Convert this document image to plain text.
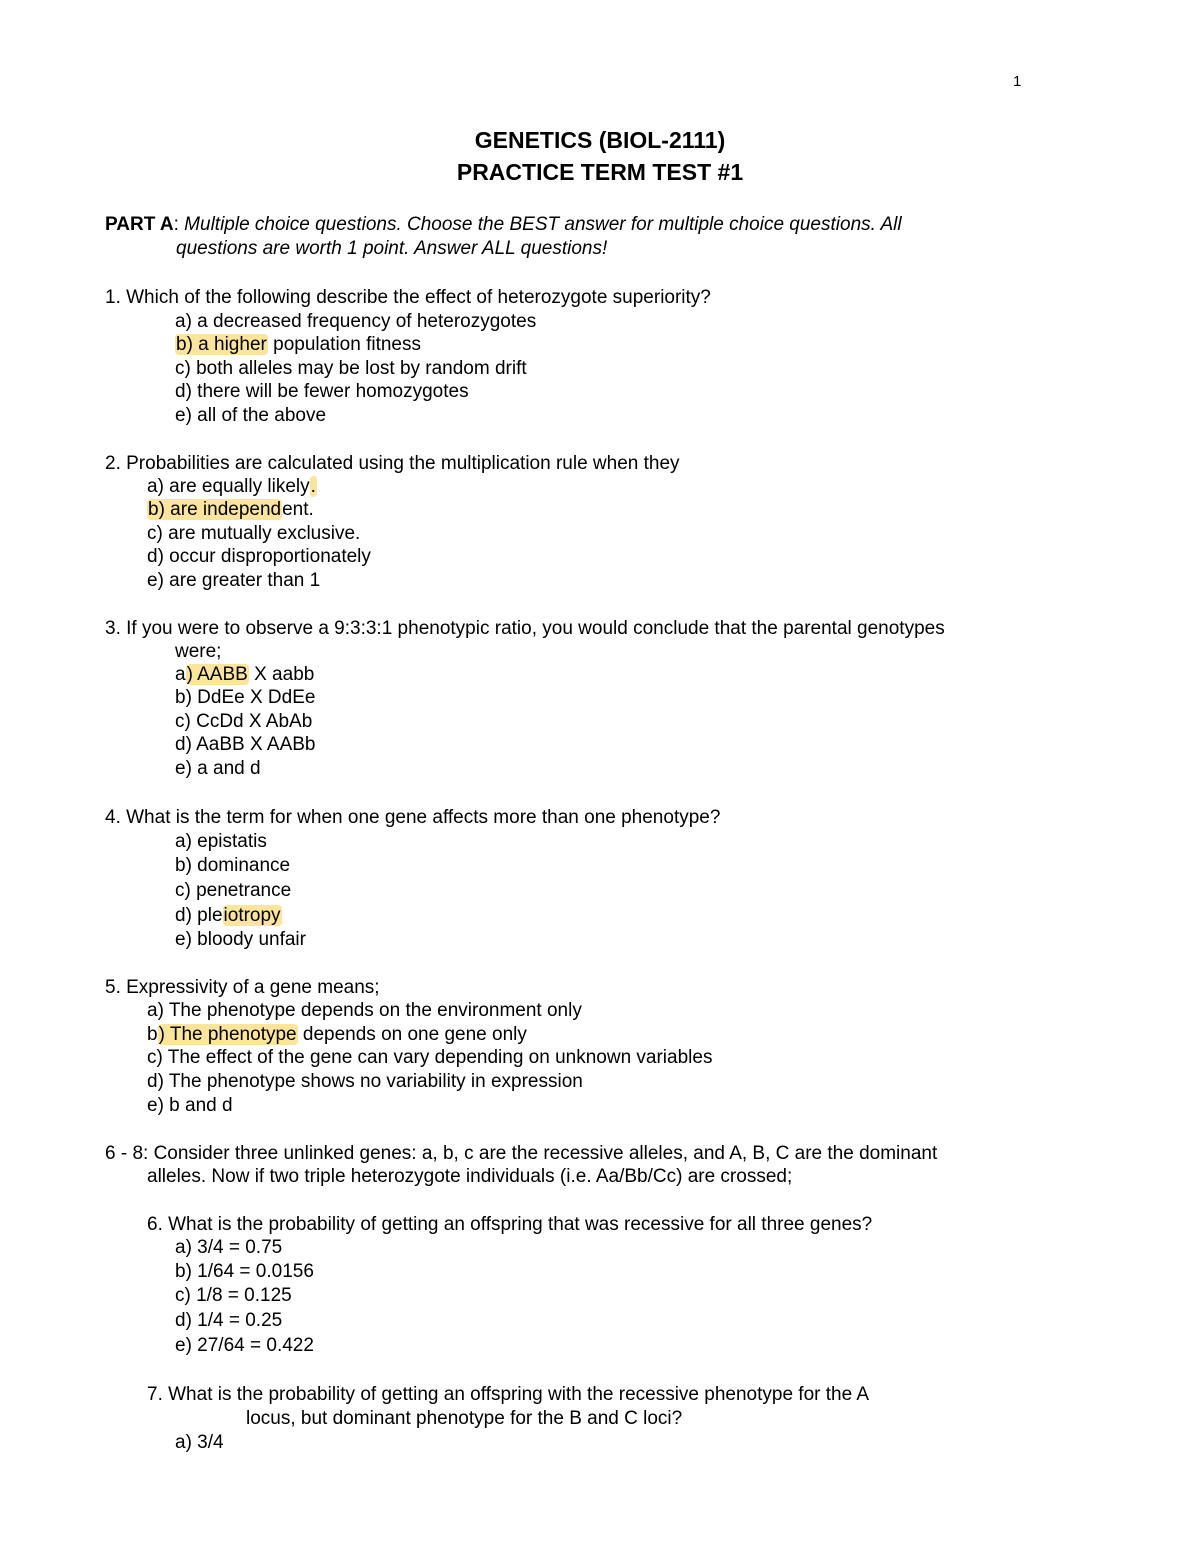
1
GENETICS (BIOL-2111)
PRACTICE TERM TEST #1
PART A: Multiple choice questions. Choose the BEST answer for multiple choice questions. All
questions are worth 1 point. Answer ALL questions!
1. Which of the following describe the effect of heterozygote superiority?
a) a decreased frequency of heterozygotes
b) a higher population fitness
c) both alleles may be lost by random drift
d) there will be fewer homozygotes
e) all of the above
2. Probabilities are calculated using the multiplication rule when they
a) are equally likely.
b) are independent.
c) are mutually exclusive.
d) occur disproportionately
e) are greater than 1
3. If you were to observe a 9:3:3:1 phenotypic ratio, you would conclude that the parental genotypes
were;
a) AABB X aabb
b) DdEe X DdEe
c) CcDd X AbAb
d) AaBB X AABb
e) a and d
4. What is the term for when one gene affects more than one phenotype?
a) epistatis
b) dominance
c) penetrance
d) pleiotropy
e) bloody unfair
5. Expressivity of a gene means;
a) The phenotype depends on the environment only
b) The phenotype depends on one gene only
c) The effect of the gene can vary depending on unknown variables
d) The phenotype shows no variability in expression
e) b and d
6 - 8: Consider three unlinked genes: a, b, c are the recessive alleles, and A, B, C are the dominant
alleles. Now if two triple heterozygote individuals (i.e. Aa/Bb/Cc) are crossed;
6. What is the probability of getting an offspring that was recessive for all three genes?
a) 3/4 = 0.75
b) 1/64 = 0.0156
c) 1/8 = 0.125
d) 1/4 = 0.25
e) 27/64 = 0.422
7. What is the probability of getting an offspring with the recessive phenotype for the A
locus, but dominant phenotype for the B and C loci?
a) 3/4
